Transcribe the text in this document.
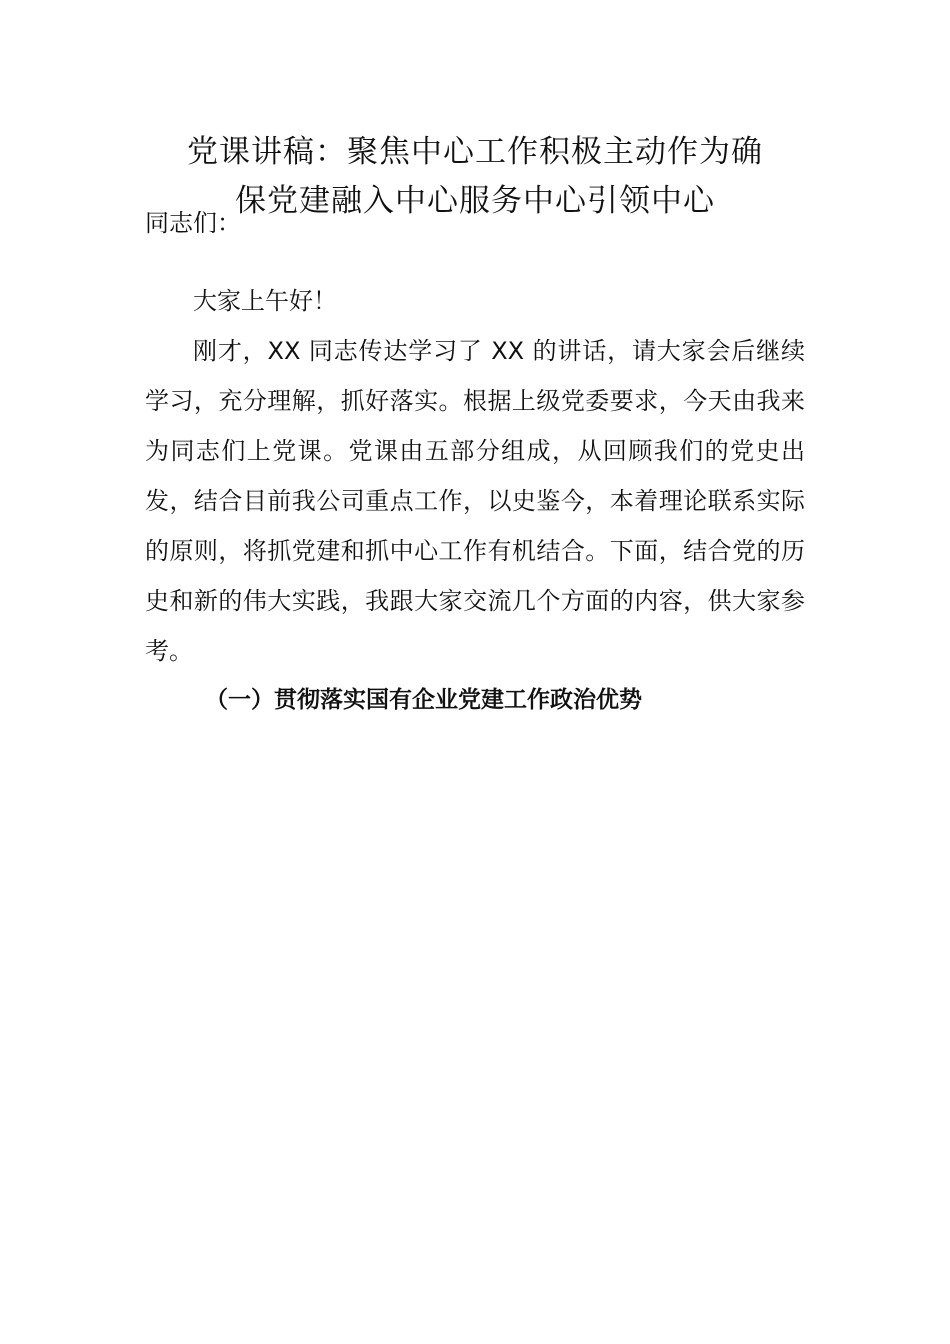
党课讲稿：聚焦中心工作积极主动作为确
保党建融入中心服务中心引领中心

同志们：

大家上午好！

刚才，XX 同志传达学习了 XX 的讲话，请大家会后继续学习，充分理解，抓好落实。根据上级党委要求，今天由我来为同志们上党课。党课由五部分组成，从回顾我们的党史出发，结合目前我公司重点工作，以史鉴今，本着理论联系实际的原则，将抓党建和抓中心工作有机结合。下面，结合党的历史和新的伟大实践，我跟大家交流几个方面的内容，供大家参考。

（一）贯彻落实国有企业党建工作政治优势
